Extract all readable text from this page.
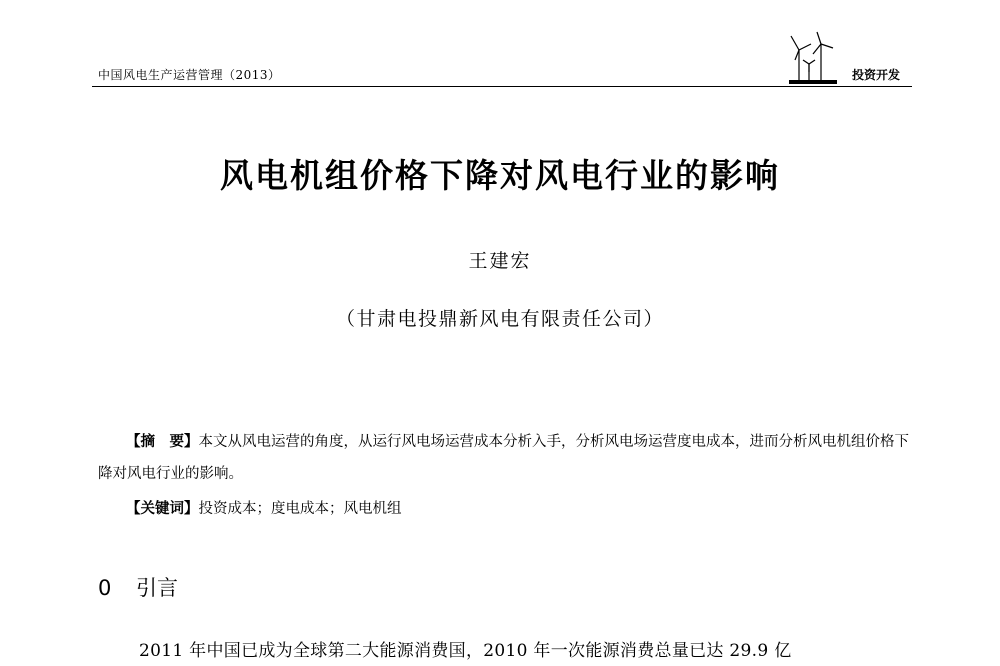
中国风电生产运营管理（2013）	投资开发
风电机组价格下降对风电行业的影响
王建宏
（甘肃电投鼎新风电有限责任公司）
【摘　要】本文从风电运营的角度，从运行风电场运营成本分析入手，分析风电场运营度电成本，进而分析风电机组价格下降对风电行业的影响。
【关键词】投资成本；度电成本；风电机组
0 引言
2011 年中国已成为全球第二大能源消费国，2010 年一次能源消费总量已达 29.9 亿
